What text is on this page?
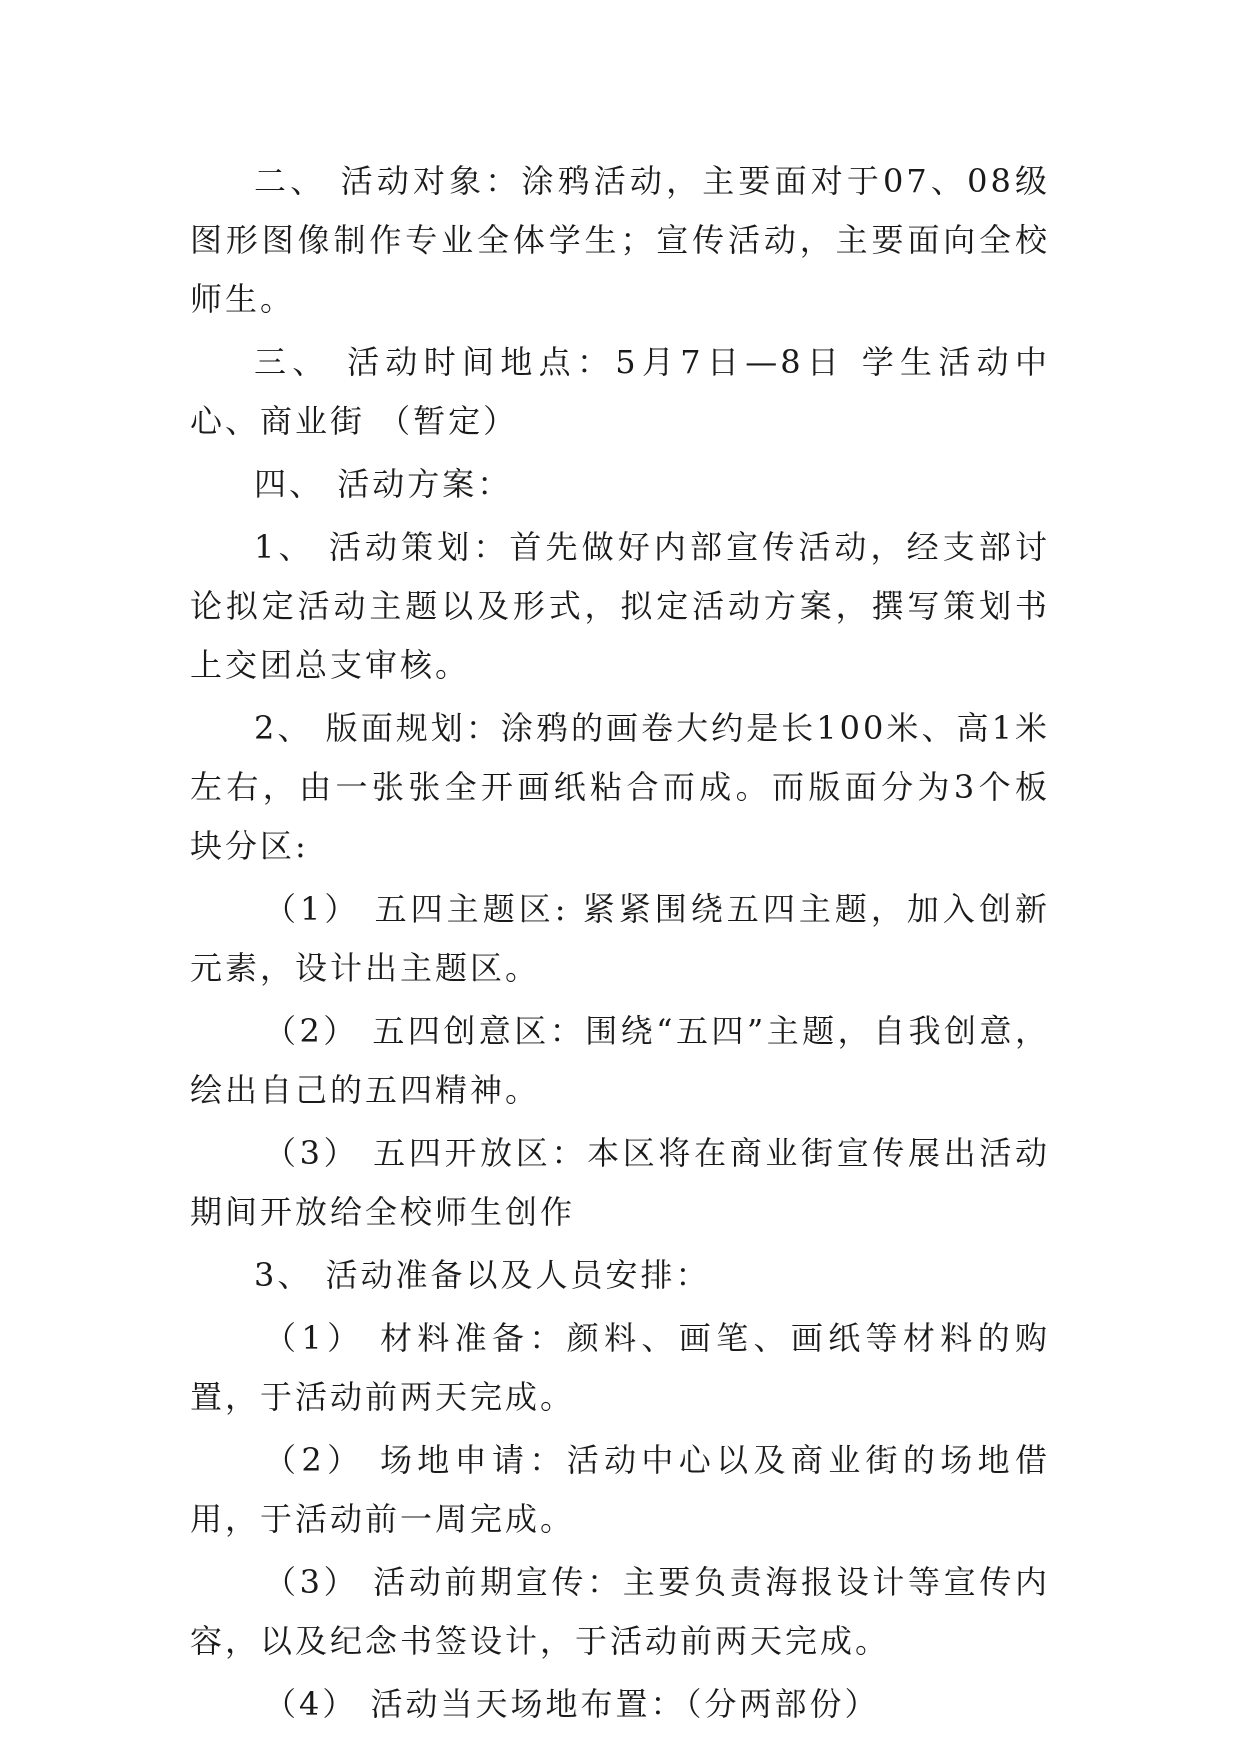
二、 活动对象：涂鸦活动，主要面对于07、08级图形图像制作专业全体学生；宣传活动，主要面向全校师生。

三、 活动时间地点：5月7日—8日 学生活动中心、商业街 （暂定）

四、 活动方案：

1、 活动策划：首先做好内部宣传活动，经支部讨论拟定活动主题以及形式，拟定活动方案，撰写策划书上交团总支审核。

2、 版面规划：涂鸦的画卷大约是长100米、高1米左右，由一张张全开画纸粘合而成。而版面分为3个板块分区:

（1） 五四主题区: 紧紧围绕五四主题，加入创新元素，设计出主题区。

（2） 五四创意区：围绕“五四”主题，自我创意，绘出自己的五四精神。

（3） 五四开放区：本区将在商业街宣传展出活动期间开放给全校师生创作

3、 活动准备以及人员安排：

（1） 材料准备：颜料、画笔、画纸等材料的购置，于活动前两天完成。

（2） 场地申请：活动中心以及商业街的场地借用，于活动前一周完成。

（3） 活动前期宣传：主要负责海报设计等宣传内容，以及纪念书签设计，于活动前两天完成。

（4） 活动当天场地布置：（分两部份）
